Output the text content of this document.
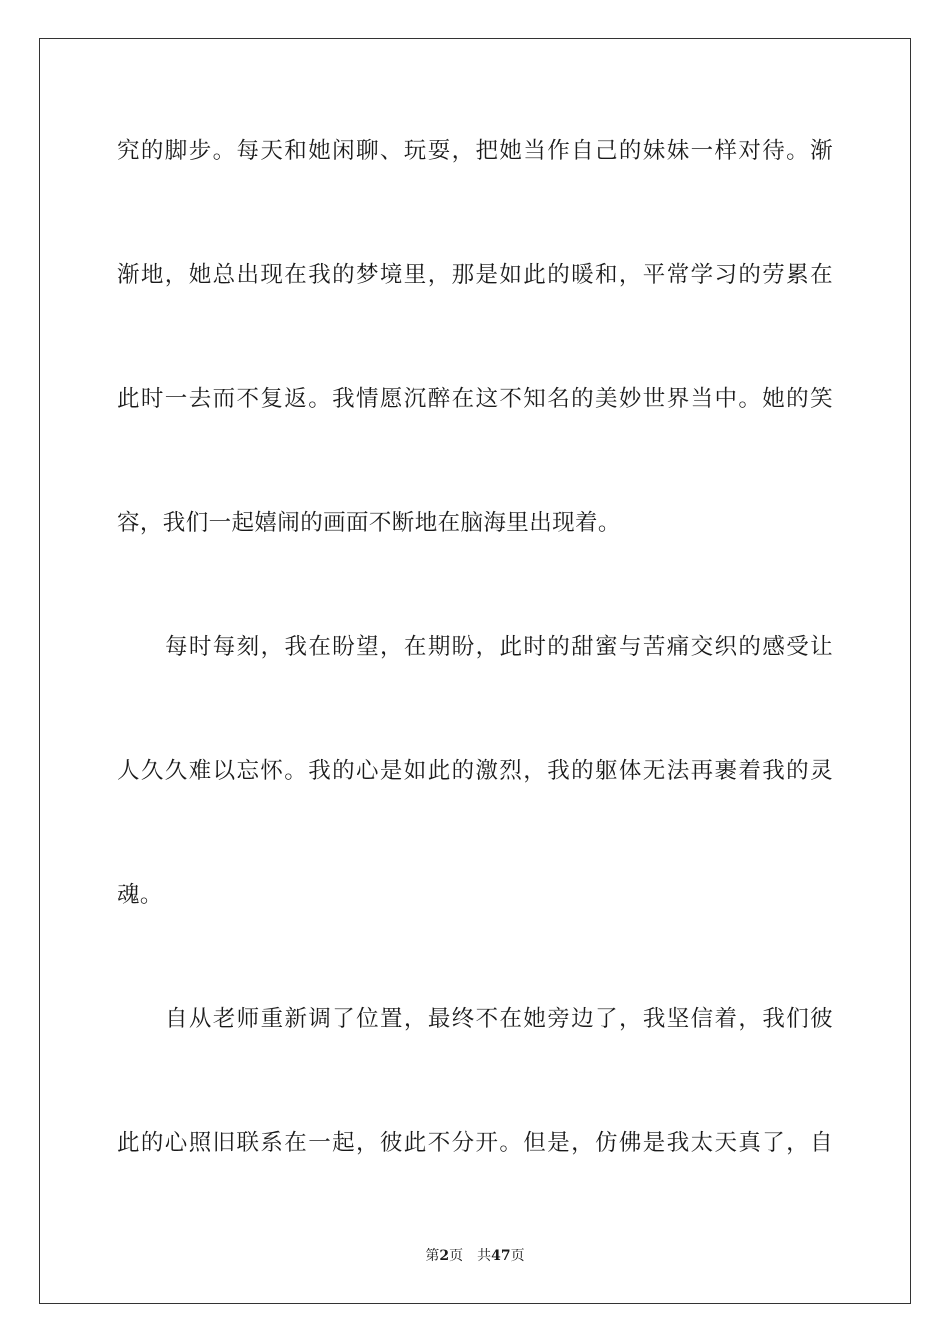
究的脚步。每天和她闲聊、玩耍，把她当作自己的妹妹一样对待。渐
渐地，她总出现在我的梦境里，那是如此的暖和，平常学习的劳累在
此时一去而不复返。我情愿沉醉在这不知名的美妙世界当中。她的笑
容，我们一起嬉闹的画面不断地在脑海里出现着。
每时每刻，我在盼望，在期盼，此时的甜蜜与苦痛交织的感受让
人久久难以忘怀。我的心是如此的激烈，我的躯体无法再裹着我的灵
魂。
自从老师重新调了位置，最终不在她旁边了，我坚信着，我们彼
此的心照旧联系在一起，彼此不分开。但是，仿佛是我太天真了，自
第2页 共47页
